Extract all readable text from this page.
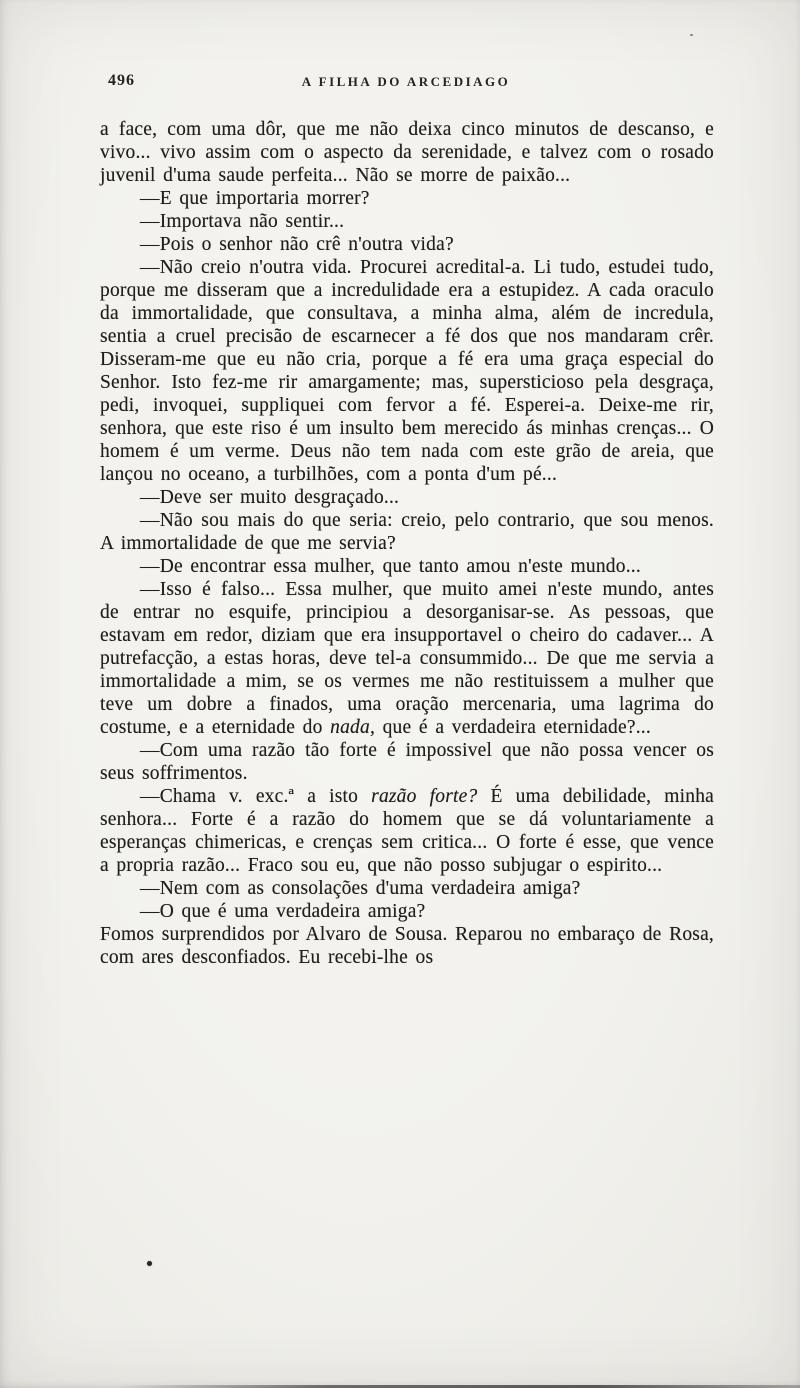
496	A FILHA DO ARCEDIAGO

a face, com uma dôr, que me não deixa cinco minutos de descanso, e vivo... vivo assim com o aspecto da serenidade, e talvez com o rosado juvenil d'uma saude perfeita... Não se morre de paixão...

—E que importaria morrer?

—Importava não sentir...

—Pois o senhor não crê n'outra vida?

—Não creio n'outra vida. Procurei acredital-a. Li tudo, estudei tudo, porque me disseram que a incredulidade era a estupidez. A cada oraculo da immortalidade, que consultava, a minha alma, além de incredula, sentia a cruel precisão de escarnecer a fé dos que nos mandaram crêr. Disseram-me que eu não cria, porque a fé era uma graça especial do Senhor. Isto fez-me rir amargamente; mas, supersticioso pela desgraça, pedi, invoquei, suppliquei com fervor a fé. Esperei-a. Deixe-me rir, senhora, que este riso é um insulto bem merecido ás minhas crenças... O homem é um verme. Deus não tem nada com este grão de areia, que lançou no oceano, a turbilhões, com a ponta d'um pé...

—Deve ser muito desgraçado...

—Não sou mais do que seria: creio, pelo contrario, que sou menos. A immortalidade de que me servia?

—De encontrar essa mulher, que tanto amou n'este mundo...

—Isso é falso... Essa mulher, que muito amei n'este mundo, antes de entrar no esquife, principiou a desorganisar-se. As pessoas, que estavam em redor, diziam que era insupportavel o cheiro do cadaver... A putrefacção, a estas horas, deve tel-a consummido... De que me servia a immortalidade a mim, se os vermes me não restituissem a mulher que teve um dobre a finados, uma oração mercenaria, uma lagrima do costume, e a eternidade do nada, que é a verdadeira eternidade?...

—Com uma razão tão forte é impossivel que não possa vencer os seus soffrimentos.

—Chama v. exc.ª a isto razão forte? É uma debilidade, minha senhora... Forte é a razão do homem que se dá voluntariamente a esperanças chimericas, e crenças sem critica... O forte é esse, que vence a propria razão... Fraco sou eu, que não posso subjugar o espirito...

—Nem com as consolações d'uma verdadeira amiga?

—O que é uma verdadeira amiga?

Fomos surprendidos por Alvaro de Sousa. Reparou no embaraço de Rosa, com ares desconfiados. Eu recebi-lhe os
